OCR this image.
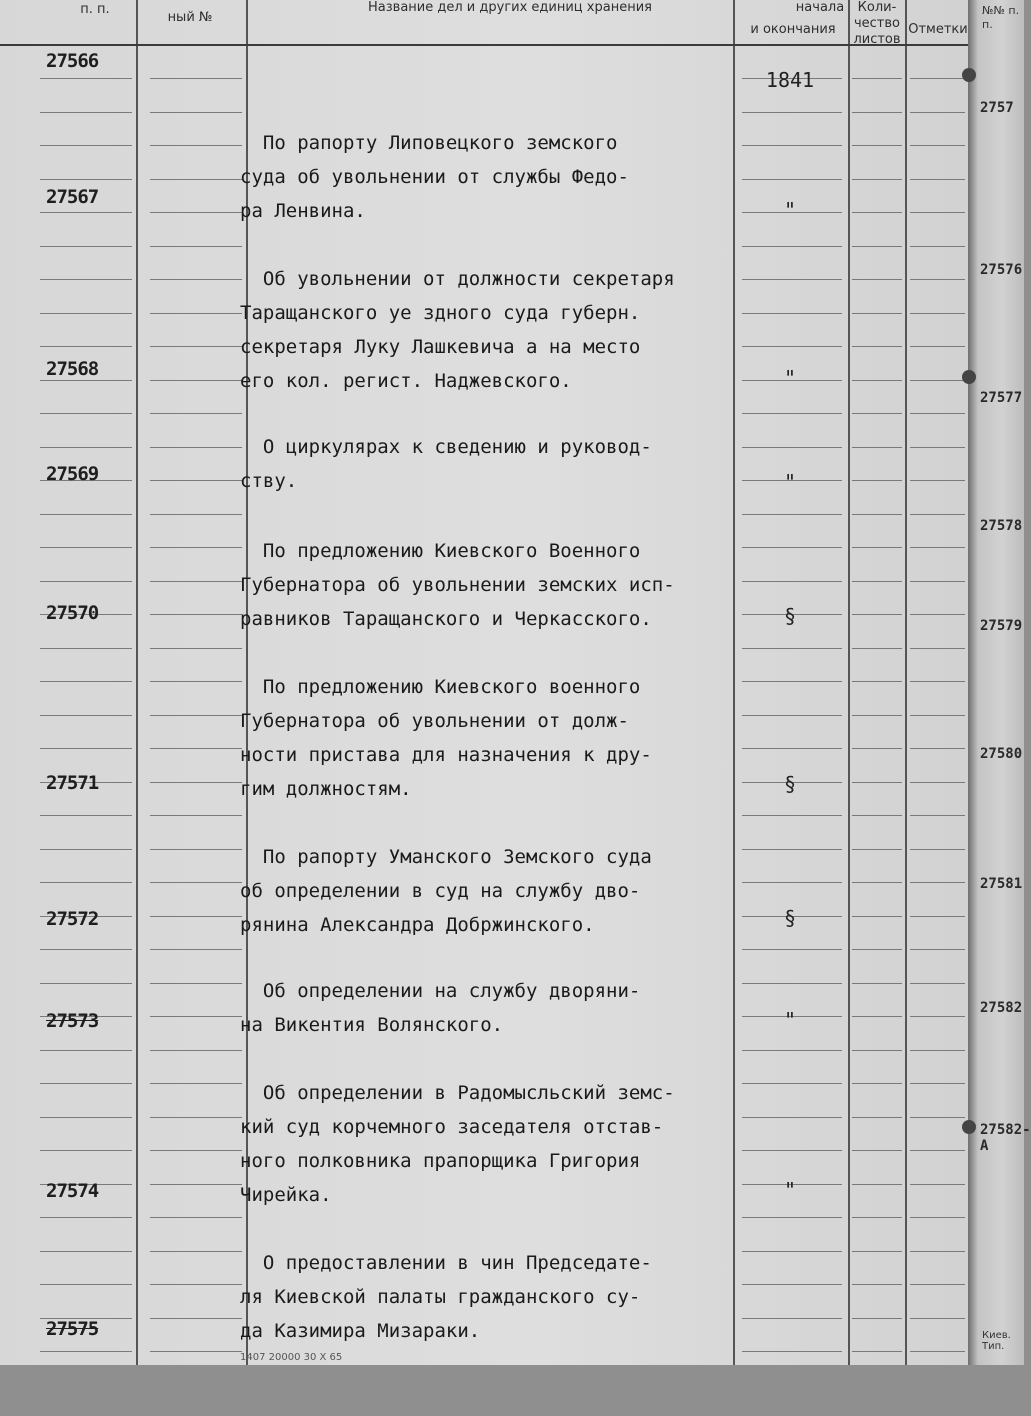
п. п.
ный №
Название дел и других единиц хранения	начала
и окончания
Коли- чество листов
Отметки
27566

По рапорту Липовецкого земского
суда об увольнении от службы Федо-
ра Ленвина.

1841
27567

Об увольнении от должности секретаря
Таращанского уе здного суда губерн.
секретаря Луку Лашкевича а на место
его кол. регист. Наджевского.

"
27568

О циркулярах к сведению и руковод-
ству.

"
27569

По предложению Киевского Военного
Губернатора об увольнении земских исп-
равников Таращанского и Черкасского.

"
27570

По предложению Киевского военного
Губернатора об увольнении от долж-
ности пристава для назначения к дру-
гим должностям.

§
27571

По рапорту Уманского Земского суда
об определении в суд на службу дво-
рянина Александра Добржинского.

§
27572

Об определении на службу дворяни-
на Викентия Волянского.

§
27573

Об определении в Радомысльский земс-
кий суд корчемного заседателя отстав-
ного полковника прапорщика Григория
Чирейка.

"
27574

О предоставлении в чин Председате-
ля Киевской палаты гражданского су-
да Казимира Мизараки.

"
27575
1407 20000 30 X 65
№№ п. п.
2757
27576
27577
27578
27579
27580
27581
27582
27582-А
Киев. Тип.
